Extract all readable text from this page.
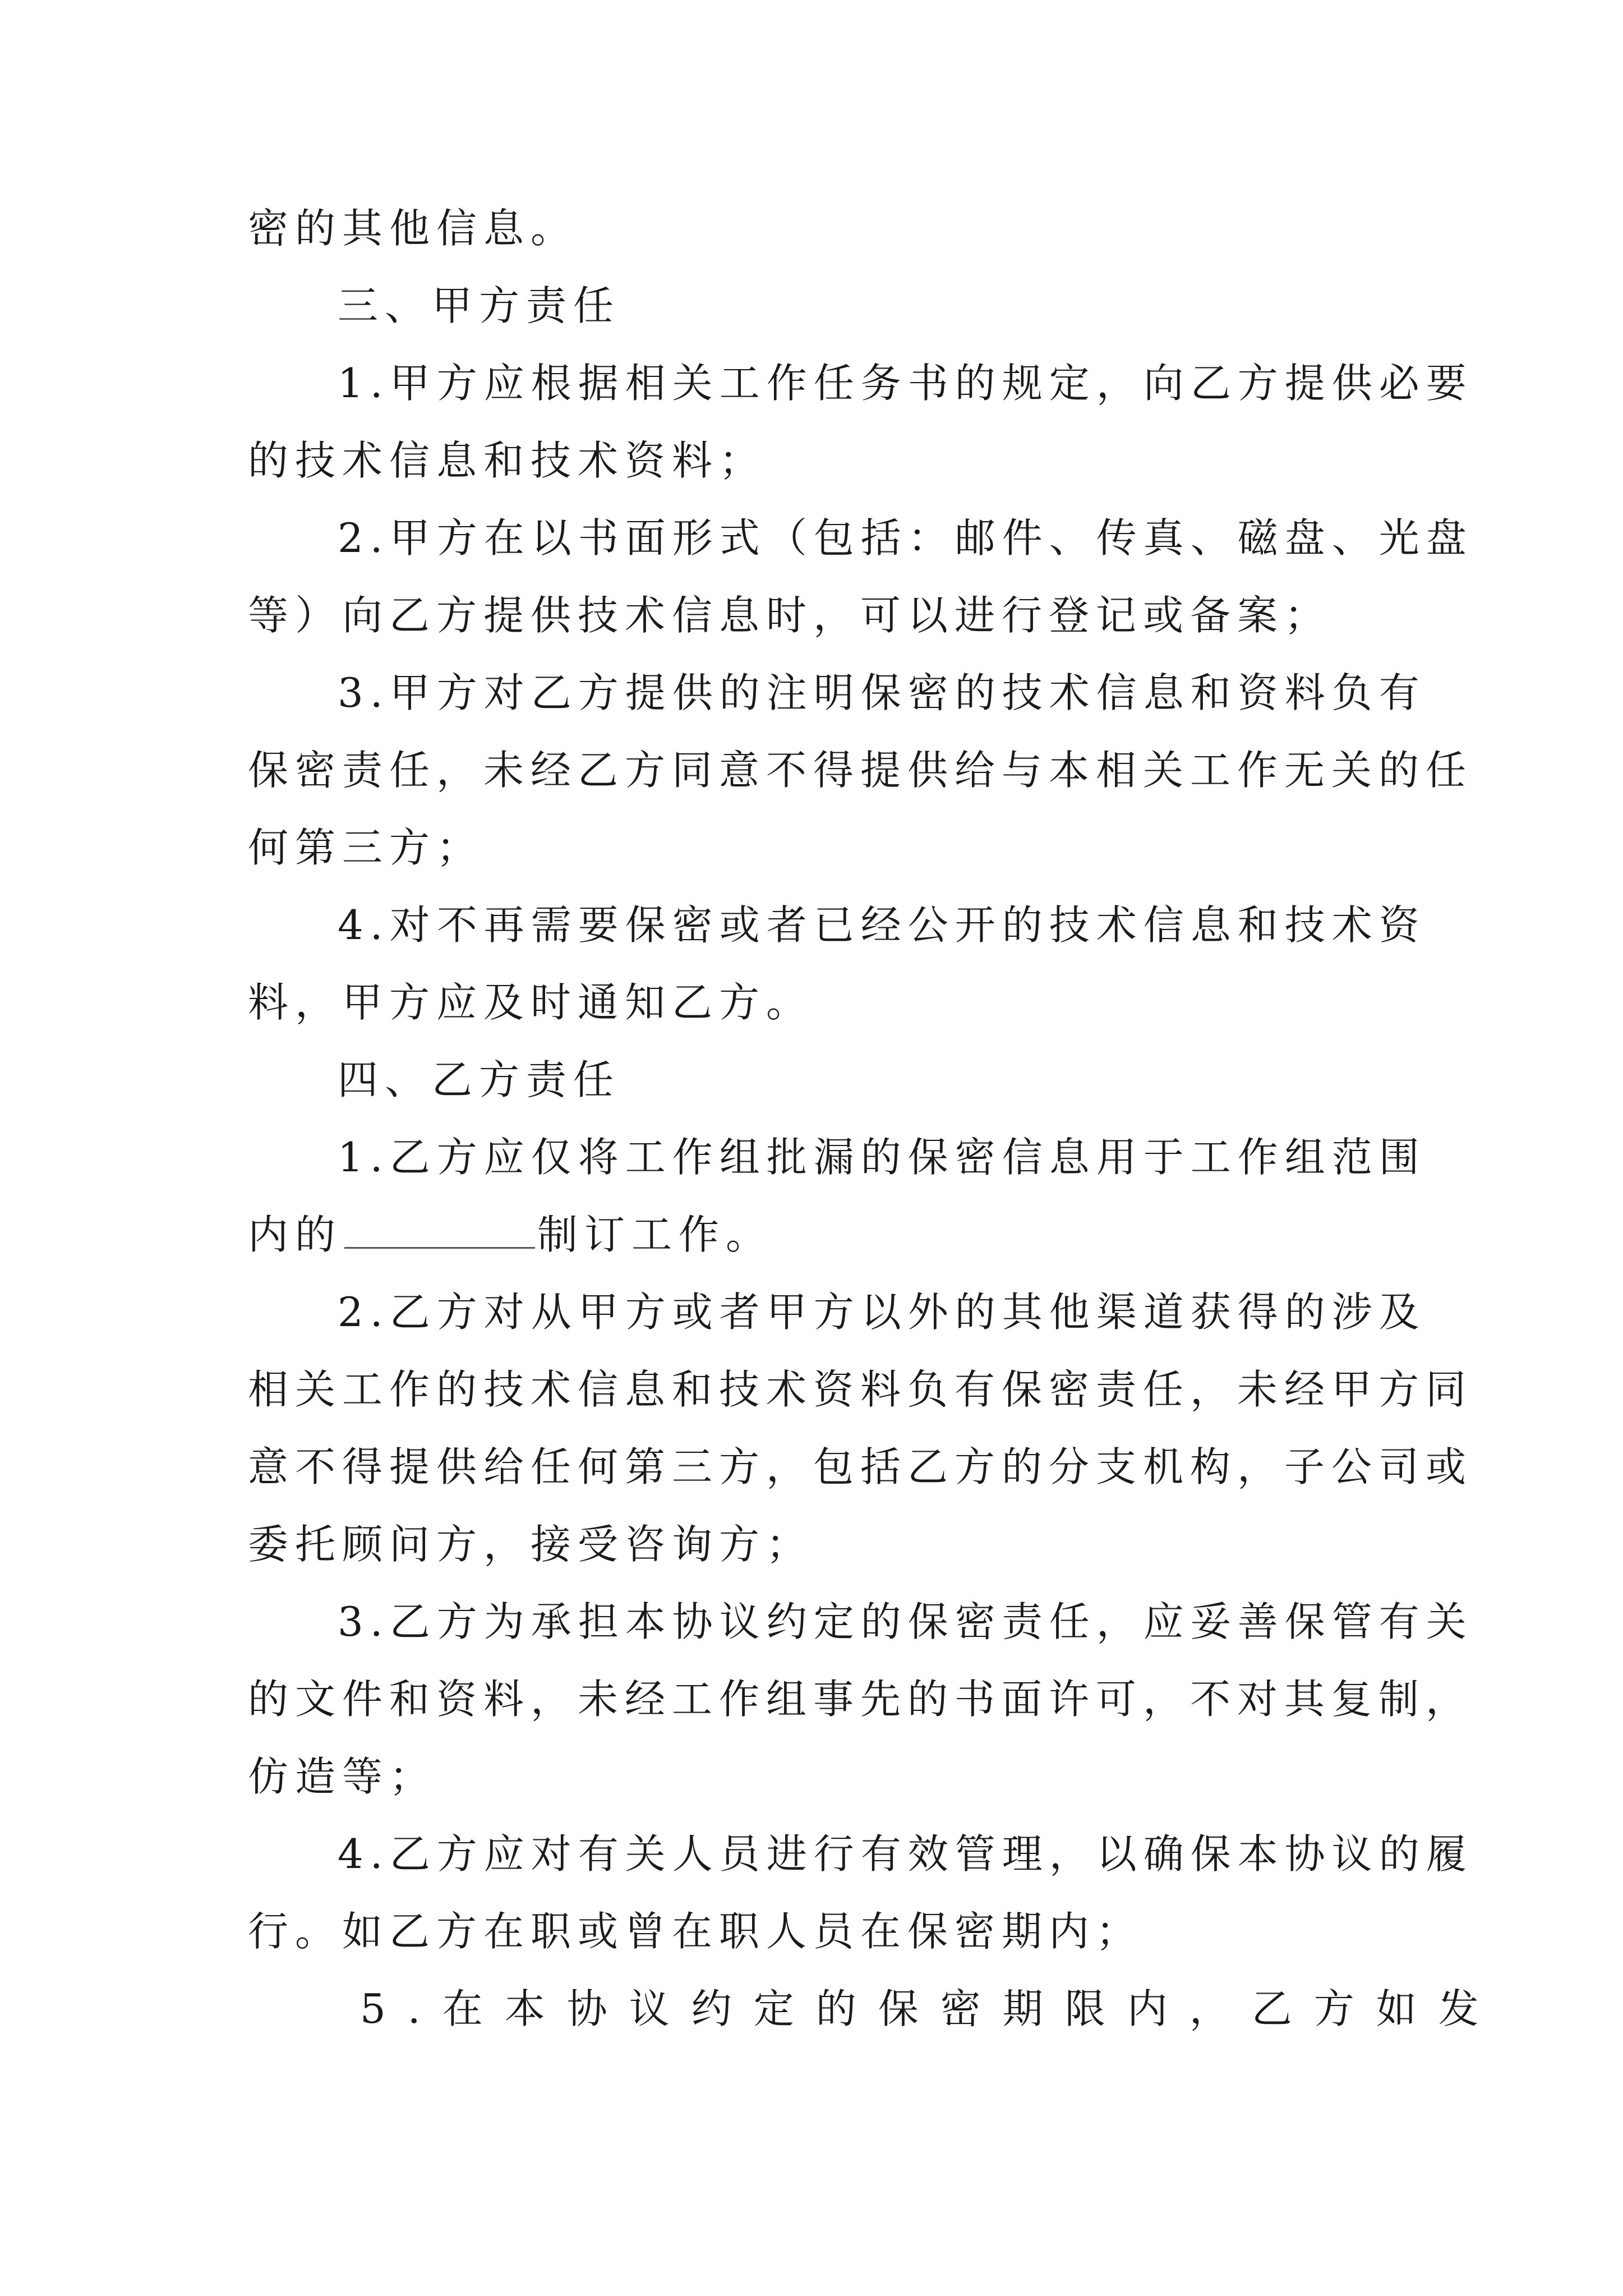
密的其他信息。
三、甲方责任
1.甲方应根据相关工作任务书的规定，向乙方提供必要
的技术信息和技术资料；
2.甲方在以书面形式（包括：邮件、传真、磁盘、光盘
等）向乙方提供技术信息时，可以进行登记或备案；
3.甲方对乙方提供的注明保密的技术信息和资料负有
保密责任，未经乙方同意不得提供给与本相关工作无关的任
何第三方；
4.对不再需要保密或者已经公开的技术信息和技术资
料，甲方应及时通知乙方。
四、乙方责任
1.乙方应仅将工作组批漏的保密信息用于工作组范围
内的	制订工作。
2.乙方对从甲方或者甲方以外的其他渠道获得的涉及
相关工作的技术信息和技术资料负有保密责任，未经甲方同
意不得提供给任何第三方，包括乙方的分支机构，子公司或
委托顾问方，接受咨询方；
3.乙方为承担本协议约定的保密责任，应妥善保管有关
的文件和资料，未经工作组事先的书面许可，不对其复制，
仿造等；
4.乙方应对有关人员进行有效管理，以确保本协议的履
行。如乙方在职或曾在职人员在保密期内；
5.在本协议约定的保密期限内，乙方如发
